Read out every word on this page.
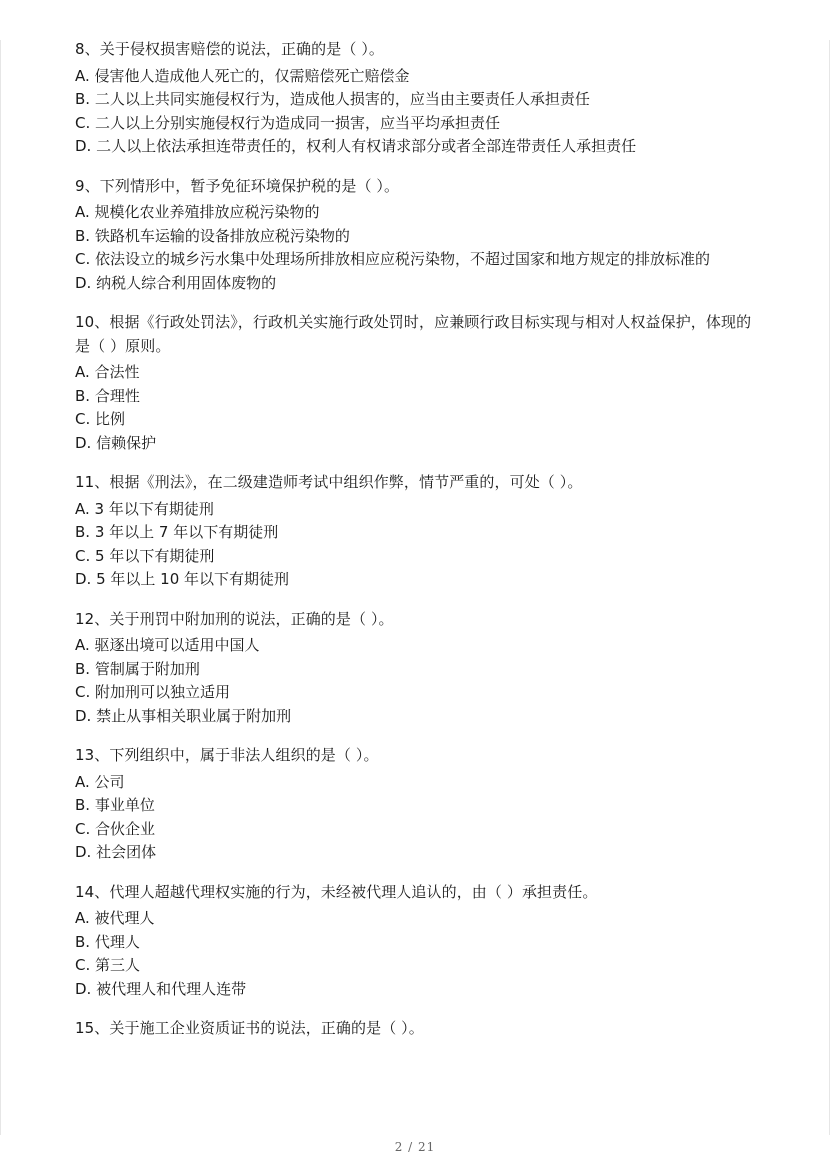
8、关于侵权损害赔偿的说法，正确的是（ ）。

A. 侵害他人造成他人死亡的，仅需赔偿死亡赔偿金

B. 二人以上共同实施侵权行为，造成他人损害的，应当由主要责任人承担责任

C. 二人以上分别实施侵权行为造成同一损害，应当平均承担责任

D. 二人以上依法承担连带责任的，权利人有权请求部分或者全部连带责任人承担责任

9、下列情形中，暂予免征环境保护税的是（ ）。

A. 规模化农业养殖排放应税污染物的

B. 铁路机车运输的设备排放应税污染物的

C. 依法设立的城乡污水集中处理场所排放相应应税污染物，不超过国家和地方规定的排放标准的

D. 纳税人综合利用固体废物的

10、根据《行政处罚法》，行政机关实施行政处罚时，应兼顾行政目标实现与相对人权益保护，体现的是（ ）原则。

A. 合法性

B. 合理性

C. 比例

D. 信赖保护

11、根据《刑法》，在二级建造师考试中组织作弊，情节严重的，可处（ ）。

A. 3 年以下有期徒刑

B. 3 年以上 7 年以下有期徒刑

C. 5 年以下有期徒刑

D. 5 年以上 10 年以下有期徒刑

12、关于刑罚中附加刑的说法，正确的是（ ）。

A. 驱逐出境可以适用中国人

B. 管制属于附加刑

C. 附加刑可以独立适用

D. 禁止从事相关职业属于附加刑

13、下列组织中，属于非法人组织的是（ ）。

A. 公司

B. 事业单位

C. 合伙企业

D. 社会团体

14、代理人超越代理权实施的行为，未经被代理人追认的，由（ ）承担责任。

A. 被代理人

B. 代理人

C. 第三人

D. 被代理人和代理人连带

15、关于施工企业资质证书的说法，正确的是（ ）。

2 / 21
